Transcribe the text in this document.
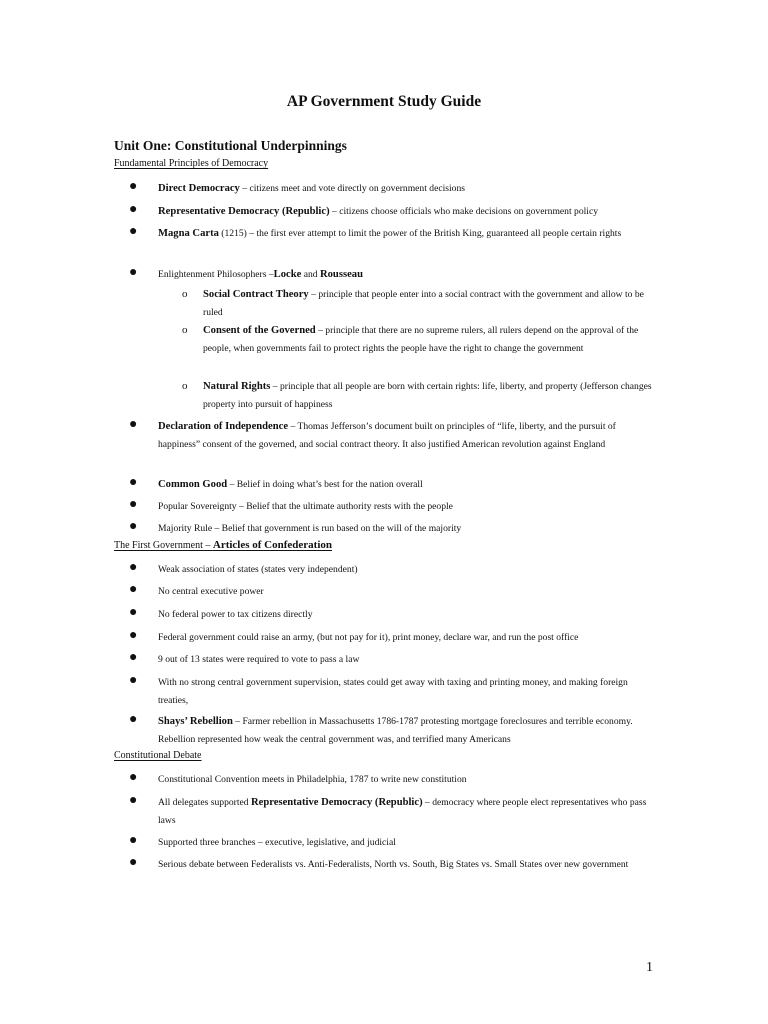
AP Government Study Guide
Unit One: Constitutional Underpinnings
Fundamental Principles of Democracy
● Direct Democracy – citizens meet and vote directly on government decisions
● Representative Democracy (Republic) – citizens choose officials who make decisions on government policy
● Magna Carta (1215) – the first ever attempt to limit the power of the British King, guaranteed all people certain rights
● Enlightenment Philosophers –Locke and Rousseau
o Social Contract Theory – principle that people enter into a social contract with the government and allow to be ruled
o Consent of the Governed – principle that there are no supreme rulers, all rulers depend on the approval of the people, when governments fail to protect rights the people have the right to change the government
o Natural Rights – principle that all people are born with certain rights: life, liberty, and property (Jefferson changes property into pursuit of happiness
● Declaration of Independence – Thomas Jefferson’s document built on principles of “life, liberty, and the pursuit of happiness” consent of the governed, and social contract theory. It also justified American revolution against England
● Common Good – Belief in doing what’s best for the nation overall
● Popular Sovereignty – Belief that the ultimate authority rests with the people
● Majority Rule – Belief that government is run based on the will of the majority
The First Government – Articles of Confederation
● Weak association of states (states very independent)
● No central executive power
● No federal power to tax citizens directly
● Federal government could raise an army, (but not pay for it), print money, declare war, and run the post office
● 9 out of 13 states were required to vote to pass a law
● With no strong central government supervision, states could get away with taxing and printing money, and making foreign treaties,
● Shays’ Rebellion – Farmer rebellion in Massachusetts 1786-1787 protesting mortgage foreclosures and terrible economy. Rebellion represented how weak the central government was, and terrified many Americans
Constitutional Debate
● Constitutional Convention meets in Philadelphia, 1787 to write new constitution
● All delegates supported Representative Democracy (Republic) – democracy where people elect representatives who pass laws
● Supported three branches – executive, legislative, and judicial
● Serious debate between Federalists vs. Anti-Federalists, North vs. South, Big States vs. Small States over new government
1
